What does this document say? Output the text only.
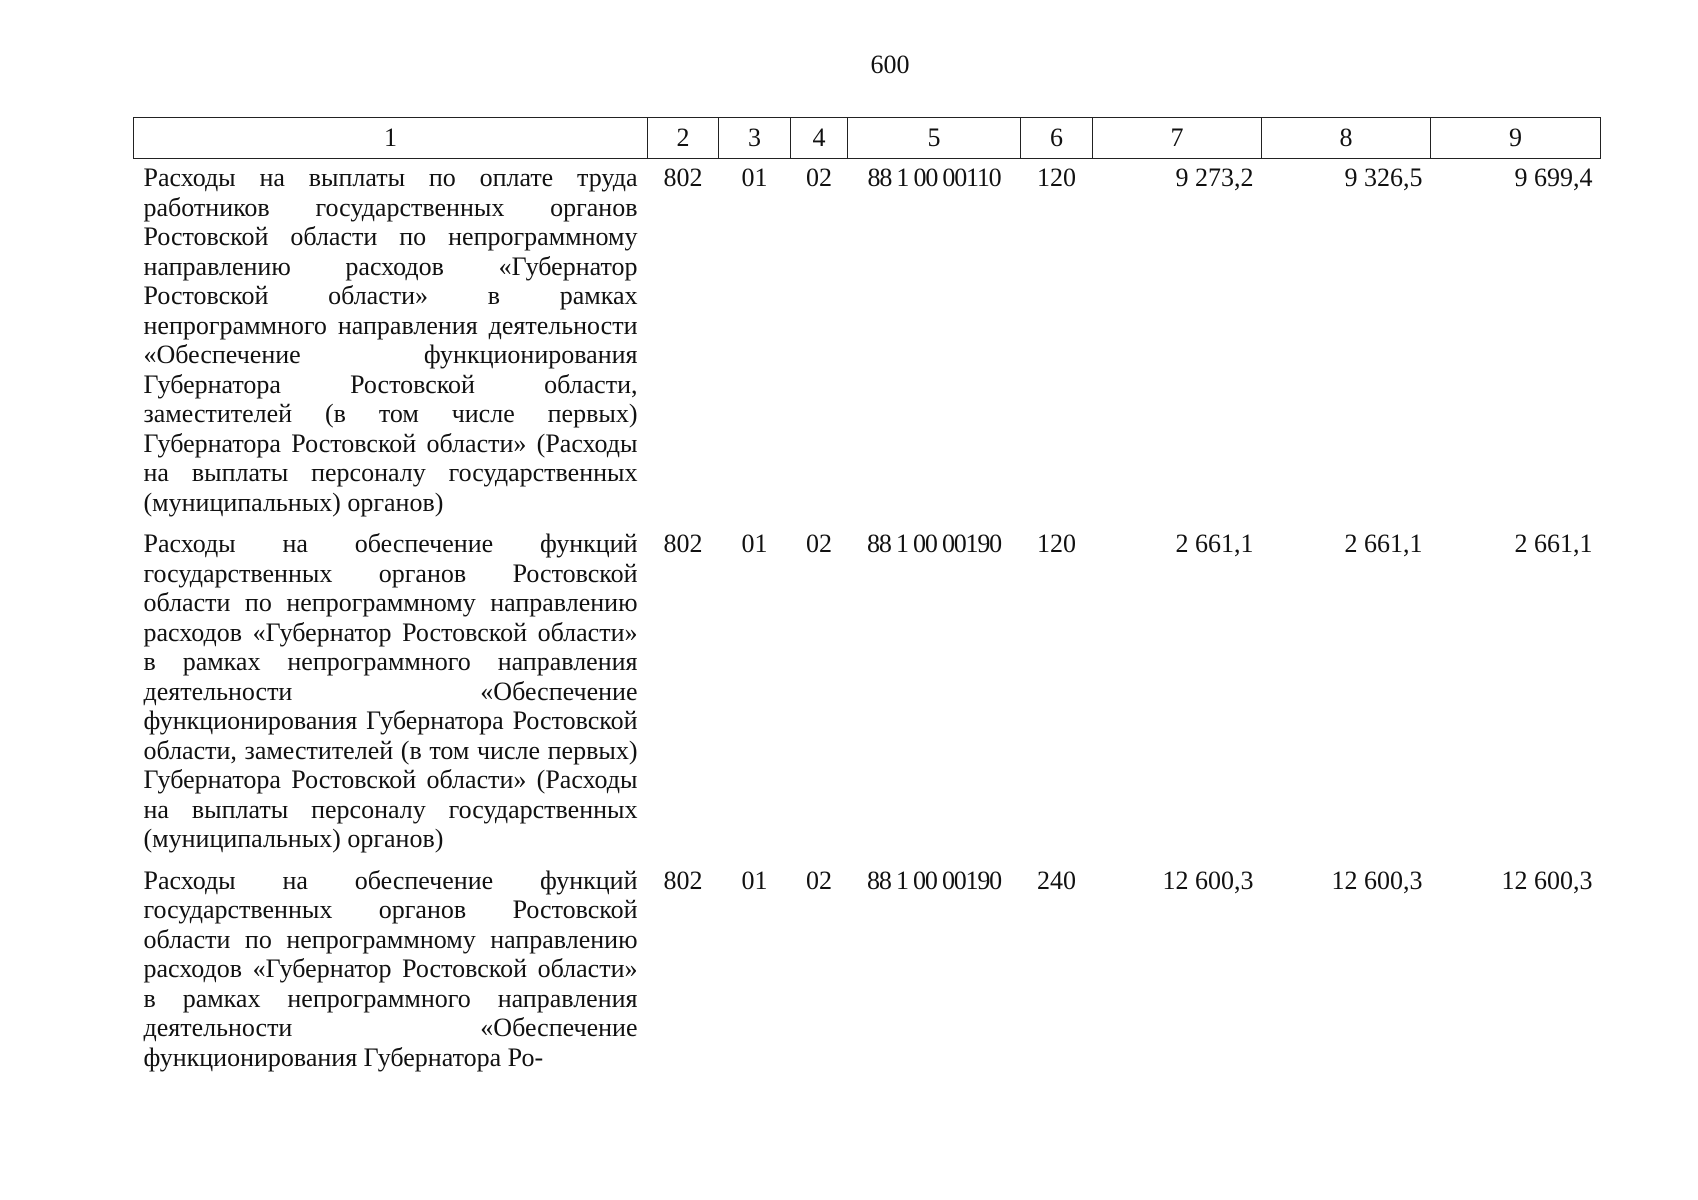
600
1	2	3	4	5	6	7	8	9
Расходы на выплаты по оплате труда работников государственных органов Ростовской области по непрограммному направлению расходов «Губернатор Ростовской области» в рамках непрограммного направления деятельности «Обеспечение функционирования Губернатора Ростовской области, заместителей (в том числе первых) Губернатора Ростовской области» (Расходы на выплаты персоналу государственных (муниципальных) органов)	802	01	02	88 1 00 00110	120	9 273,2	9 326,5	9 699,4
Расходы на обеспечение функций государственных органов Ростовской области по непрограммному направлению расходов «Губернатор Ростовской области» в рамках непрограммного направления деятельности «Обеспечение функционирования Губернатора Ростовской области, заместителей (в том числе первых) Губернатора Ростовской области» (Расходы на выплаты персоналу государственных (муниципальных) органов)	802	01	02	88 1 00 00190	120	2 661,1	2 661,1	2 661,1
Расходы на обеспечение функций государственных органов Ростовской области по непрограммному направлению расходов «Губернатор Ростовской области» в рамках непрограммного направления деятельности «Обеспечение функционирования Губернатора Ро-	802	01	02	88 1 00 00190	240	12 600,3	12 600,3	12 600,3
